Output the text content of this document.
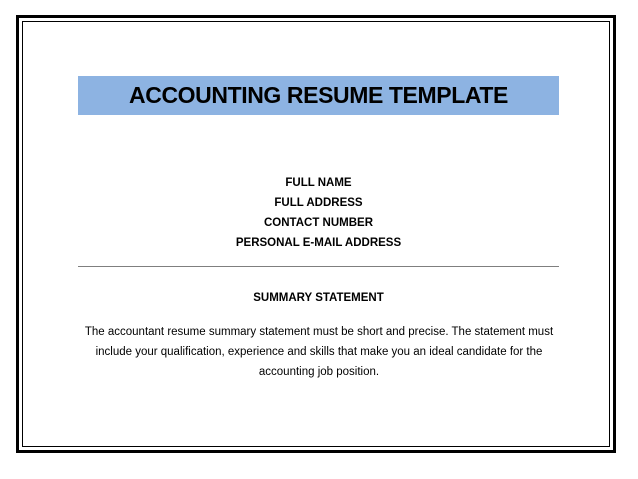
ACCOUNTING RESUME TEMPLATE
FULL NAME
FULL ADDRESS
CONTACT NUMBER
PERSONAL E-MAIL ADDRESS
SUMMARY STATEMENT
The accountant resume summary statement must be short and precise. The statement must include your qualification, experience and skills that make you an ideal candidate for the accounting job position.
